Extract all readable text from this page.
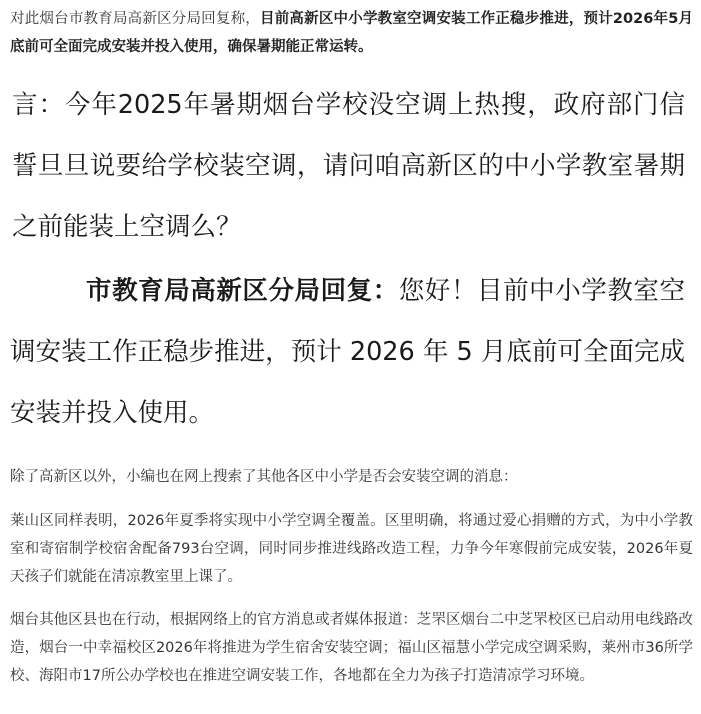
对此烟台市教育局高新区分局回复称，目前高新区中小学教室空调安装工作正稳步推进，预计2026年5月底前可全面完成安装并投入使用，确保暑期能正常运转。

言：今年2025年暑期烟台学校没空调上热搜，政府部门信誓旦旦说要给学校装空调，请问咱高新区的中小学教室暑期之前能装上空调么？

市教育局高新区分局回复：您好！目前中小学教室空调安装工作正稳步推进，预计 2026 年 5 月底前可全面完成安装并投入使用。

除了高新区以外，小编也在网上搜索了其他各区中小学是否会安装空调的消息：

莱山区同样表明，2026年夏季将实现中小学空调全覆盖。区里明确，将通过爱心捐赠的方式，为中小学教室和寄宿制学校宿舍配备793台空调，同时同步推进线路改造工程，力争今年寒假前完成安装，2026年夏天孩子们就能在清凉教室里上课了。

烟台其他区县也在行动，根据网络上的官方消息或者媒体报道：芝罘区烟台二中芝罘校区已启动用电线路改造，烟台一中幸福校区2026年将推进为学生宿舍安装空调；福山区福慧小学完成空调采购，莱州市36所学校、海阳市17所公办学校也在推进空调安装工作，各地都在全力为孩子打造清凉学习环境。
